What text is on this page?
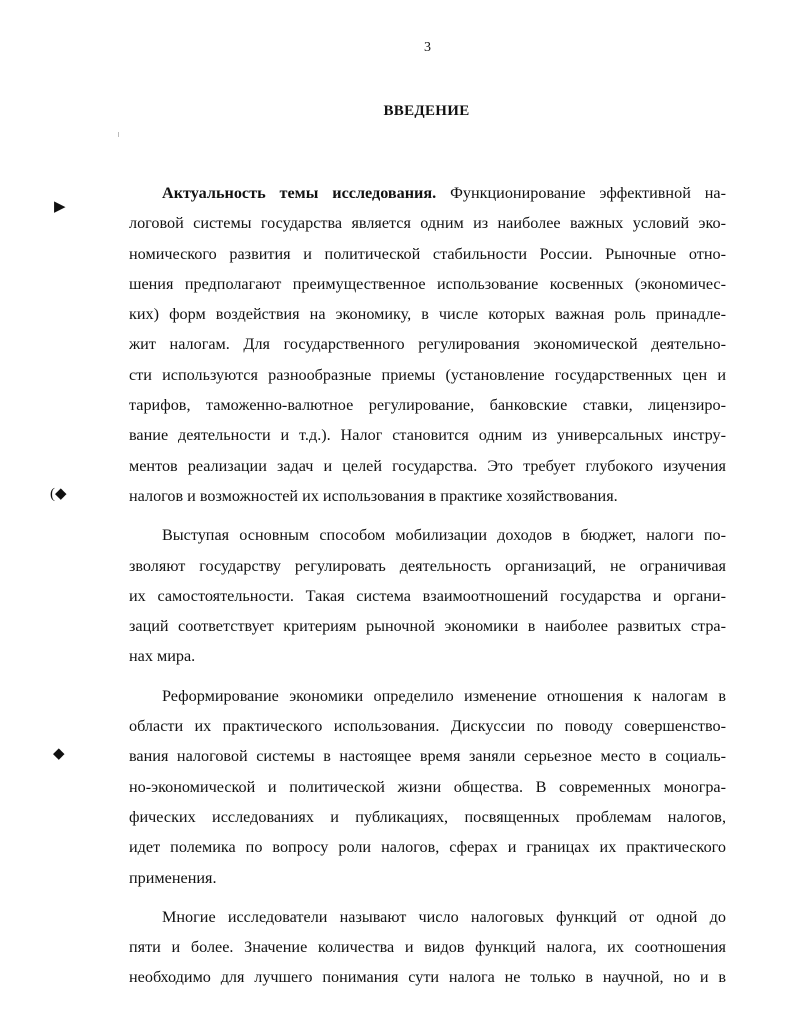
3
ВВЕДЕНИЕ
▶
(◆
◆
Актуальность темы исследования. Функционирование эффективной на-
логовой системы государства является одним из наиболее важных условий эко-
номического развития и политической стабильности России. Рыночные отно-
шения предполагают преимущественное использование косвенных (экономичес-
ких) форм воздействия на экономику, в числе которых важная роль принадле-
жит налогам. Для государственного регулирования экономической деятельно-
сти используются разнообразные приемы (установление государственных цен и
тарифов, таможенно-валютное регулирование, банковские ставки, лицензиро-
вание деятельности и т.д.). Налог становится одним из универсальных инстру-
ментов реализации задач и целей государства. Это требует глубокого изучения
налогов и возможностей их использования в практике хозяйствования.
Выступая основным способом мобилизации доходов в бюджет, налоги по-
зволяют государству регулировать деятельность организаций, не ограничивая
их самостоятельности. Такая система взаимоотношений государства и органи-
заций соответствует критериям рыночной экономики в наиболее развитых стра-
нах мира.
Реформирование экономики определило изменение отношения к налогам в
области их практического использования. Дискуссии по поводу совершенство-
вания налоговой системы в настоящее время заняли серьезное место в социаль-
но-экономической и политической жизни общества. В современных моногра-
фических исследованиях и публикациях, посвященных проблемам налогов,
идет полемика по вопросу роли налогов, сферах и границах их практического
применения.
Многие исследователи называют число налоговых функций от одной до
пяти и более. Значение количества и видов функций налога, их соотношения
необходимо для лучшего понимания сути налога не только в научной, но и в
